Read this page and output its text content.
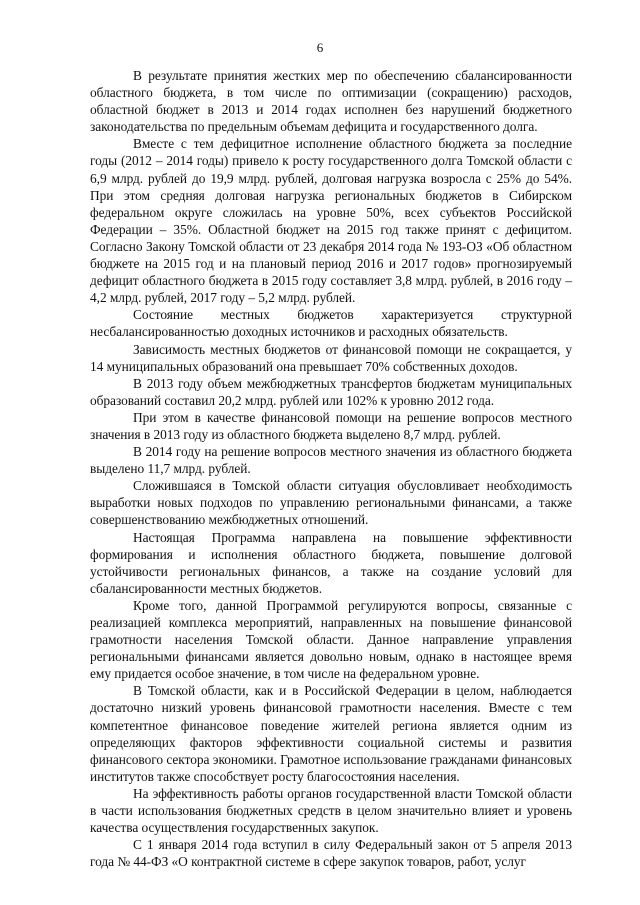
6

В результате принятия жестких мер по обеспечению сбалансированности областного бюджета, в том числе по оптимизации (сокращению) расходов, областной бюджет в 2013 и 2014 годах исполнен без нарушений бюджетного законодательства по предельным объемам дефицита и государственного долга.

Вместе с тем дефицитное исполнение областного бюджета за последние годы (2012 – 2014 годы) привело к росту государственного долга Томской области с 6,9 млрд. рублей до 19,9 млрд. рублей, долговая нагрузка возросла с 25% до 54%. При этом средняя долговая нагрузка региональных бюджетов в Сибирском федеральном округе сложилась на уровне 50%, всех субъектов Российской Федерации – 35%. Областной бюджет на 2015 год также принят с дефицитом. Согласно Закону Томской области от 23 декабря 2014 года № 193-ОЗ «Об областном бюджете на 2015 год и на плановый период 2016 и 2017 годов» прогнозируемый дефицит областного бюджета в 2015 году составляет 3,8 млрд. рублей, в 2016 году – 4,2 млрд. рублей, 2017 году – 5,2 млрд. рублей.

Состояние местных бюджетов характеризуется структурной несбалансированностью доходных источников и расходных обязательств.

Зависимость местных бюджетов от финансовой помощи не сокращается, у 14 муниципальных образований она превышает 70% собственных доходов.

В 2013 году объем межбюджетных трансфертов бюджетам муниципальных образований составил 20,2 млрд. рублей или 102% к уровню 2012 года.

При этом в качестве финансовой помощи на решение вопросов местного значения в 2013 году из областного бюджета выделено 8,7 млрд. рублей.

В 2014 году на решение вопросов местного значения из областного бюджета выделено 11,7 млрд. рублей.

Сложившаяся в Томской области ситуация обусловливает необходимость выработки новых подходов по управлению региональными финансами, а также совершенствованию межбюджетных отношений.

Настоящая Программа направлена на повышение эффективности формирования и исполнения областного бюджета, повышение долговой устойчивости региональных финансов, а также на создание условий для сбалансированности местных бюджетов.

Кроме того, данной Программой регулируются вопросы, связанные с реализацией комплекса мероприятий, направленных на повышение финансовой грамотности населения Томской области. Данное направление управления региональными финансами является довольно новым, однако в настоящее время ему придается особое значение, в том числе на федеральном уровне.

В Томской области, как и в Российской Федерации в целом, наблюдается достаточно низкий уровень финансовой грамотности населения. Вместе с тем компетентное финансовое поведение жителей региона является одним из определяющих факторов эффективности социальной системы и развития финансового сектора экономики. Грамотное использование гражданами финансовых институтов также способствует росту благосостояния населения.

На эффективность работы органов государственной власти Томской области в части использования бюджетных средств в целом значительно влияет и уровень качества осуществления государственных закупок.

С 1 января 2014 года вступил в силу Федеральный закон от 5 апреля 2013 года № 44-ФЗ «О контрактной системе в сфере закупок товаров, работ, услуг
